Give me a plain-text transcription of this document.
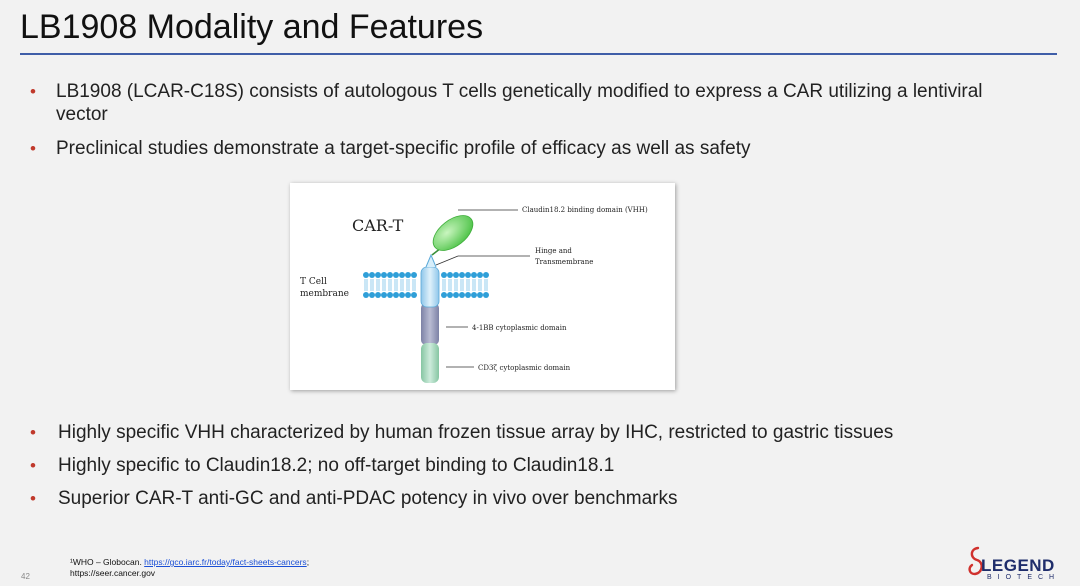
LB1908 Modality and Features
• LB1908 (LCAR-C18S) consists of autologous T cells genetically modified to express a CAR utilizing a lentiviral vector
• Preclinical studies demonstrate a target-specific profile of efficacy as well as safety
CAR-T
T Cell
membrane
Claudin18.2 binding domain (VHH)
Hinge and
Transmembrane
4-1BB cytoplasmic domain
CD3ζ cytoplasmic domain
• Highly specific VHH characterized by human frozen tissue array by IHC, restricted to gastric tissues
• Highly specific to Claudin18.2; no off-target binding to Claudin18.1
• Superior CAR-T anti-GC and anti-PDAC potency in vivo over benchmarks
¹WHO – Globocan. https://gco.iarc.fr/today/fact-sheets-cancers;
https://seer.cancer.gov
42
LEGEND
BIOTECH
